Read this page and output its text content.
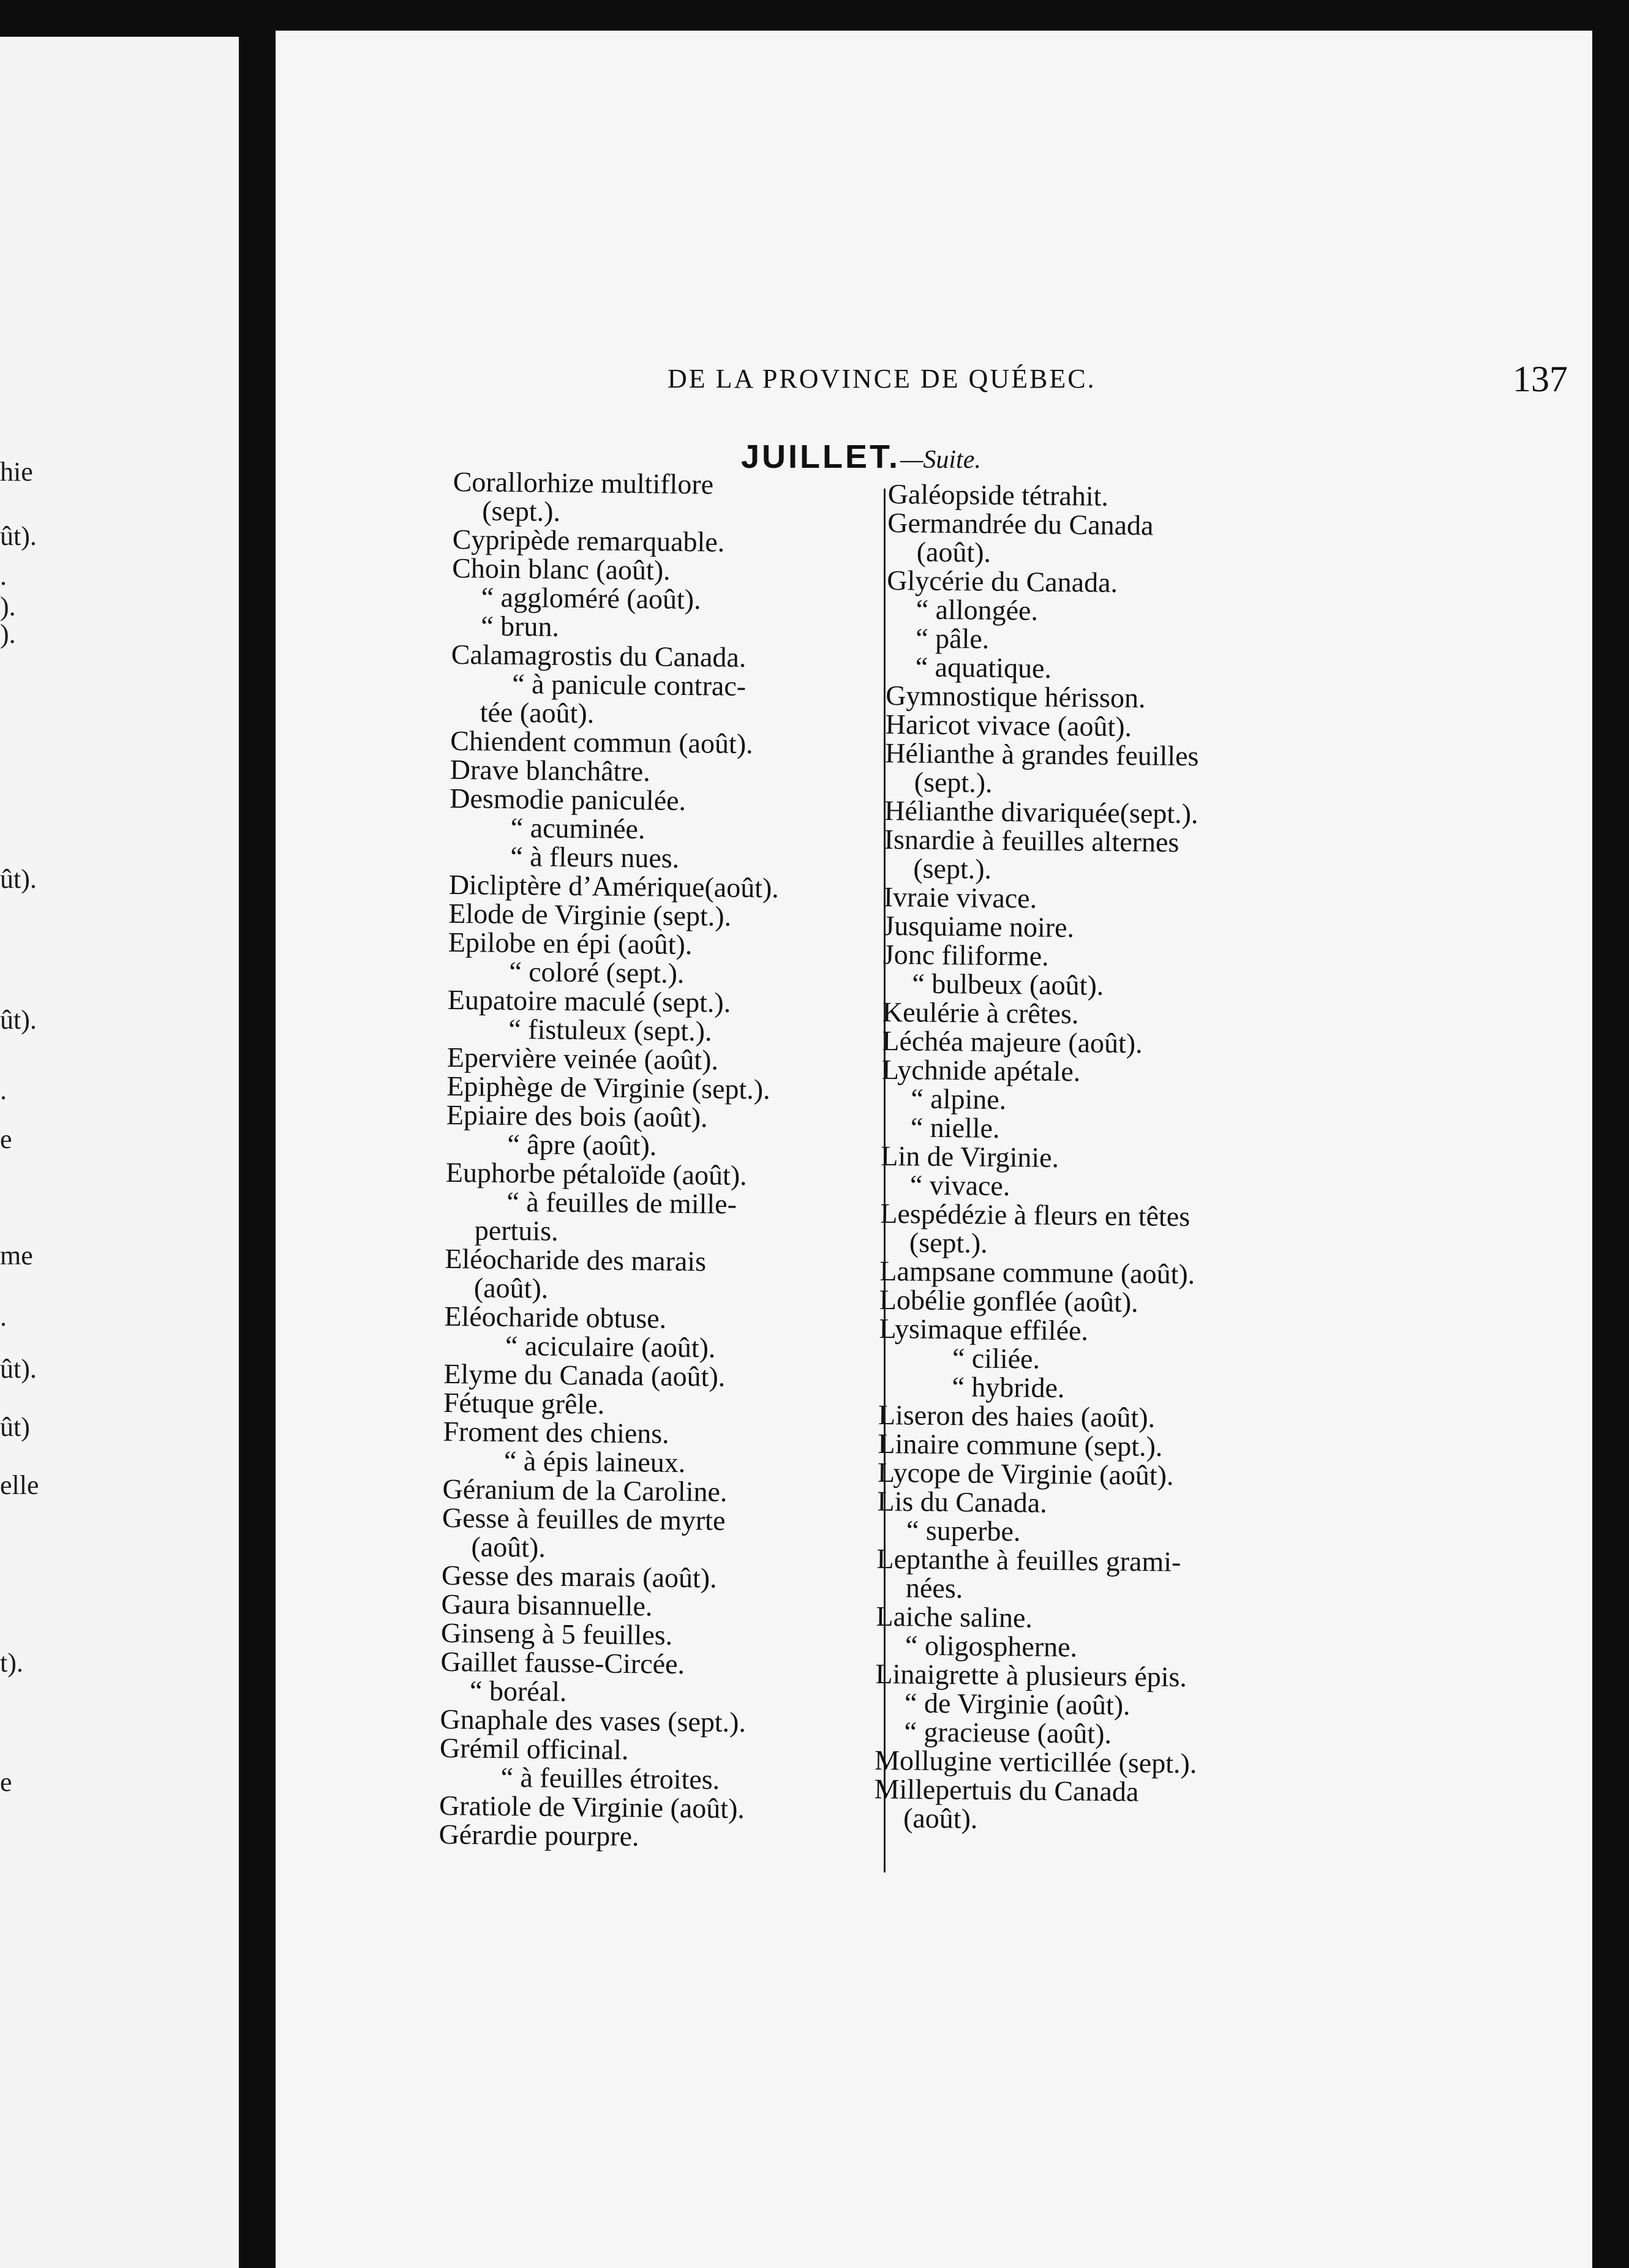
hie
ût).
.
).
).
ût).
ût).
.
e
me
.
ût).
ût)
elle
t).
e
DE LA PROVINCE DE QUÉBEC.	137
JUILLET.—Suite.
Corallorhize multiflore
(sept.).
Cypripède remarquable.
Choin blanc (août).
“ aggloméré (août).
“ brun.
Calamagrostis du Canada.
“ à panicule contrac-
tée (août).
Chiendent commun (août).
Drave blanchâtre.
Desmodie paniculée.
“ acuminée.
“ à fleurs nues.
Dicliptère d’Amérique(août).
Elode de Virginie (sept.).
Epilobe en épi (août).
“ coloré (sept.).
Eupatoire maculé (sept.).
“ fistuleux (sept.).
Epervière veinée (août).
Epiphège de Virginie (sept.).
Epiaire des bois (août).
“ âpre (août).
Euphorbe pétaloïde (août).
“ à feuilles de mille-
pertuis.
Eléocharide des marais
(août).
Eléocharide obtuse.
“ aciculaire (août).
Elyme du Canada (août).
Fétuque grêle.
Froment des chiens.
“ à épis laineux.
Géranium de la Caroline.
Gesse à feuilles de myrte
(août).
Gesse des marais (août).
Gaura bisannuelle.
Ginseng à 5 feuilles.
Gaillet fausse-Circée.
“ boréal.
Gnaphale des vases (sept.).
Grémil officinal.
“ à feuilles étroites.
Gratiole de Virginie (août).
Gérardie pourpre.
Galéopside tétrahit.
Germandrée du Canada
(août).
Glycérie du Canada.
“ allongée.
“ pâle.
“ aquatique.
Gymnostique hérisson.
Haricot vivace (août).
Hélianthe à grandes feuilles
(sept.).
Hélianthe divariquée(sept.).
Isnardie à feuilles alternes
(sept.).
Ivraie vivace.
Jusquiame noire.
Jonc filiforme.
“ bulbeux (août).
Keulérie à crêtes.
Léchéa majeure (août).
Lychnide apétale.
“ alpine.
“ nielle.
Lin de Virginie.
“ vivace.
Lespédézie à fleurs en têtes
(sept.).
Lampsane commune (août).
Lobélie gonflée (août).
Lysimaque effilée.
“ ciliée.
“ hybride.
Liseron des haies (août).
Linaire commune (sept.).
Lycope de Virginie (août).
Lis du Canada.
“ superbe.
Leptanthe à feuilles grami-
nées.
Laiche saline.
“ oligospherne.
Linaigrette à plusieurs épis.
“ de Virginie (août).
“ gracieuse (août).
Mollugine verticillée (sept.).
Millepertuis du Canada
(août).
